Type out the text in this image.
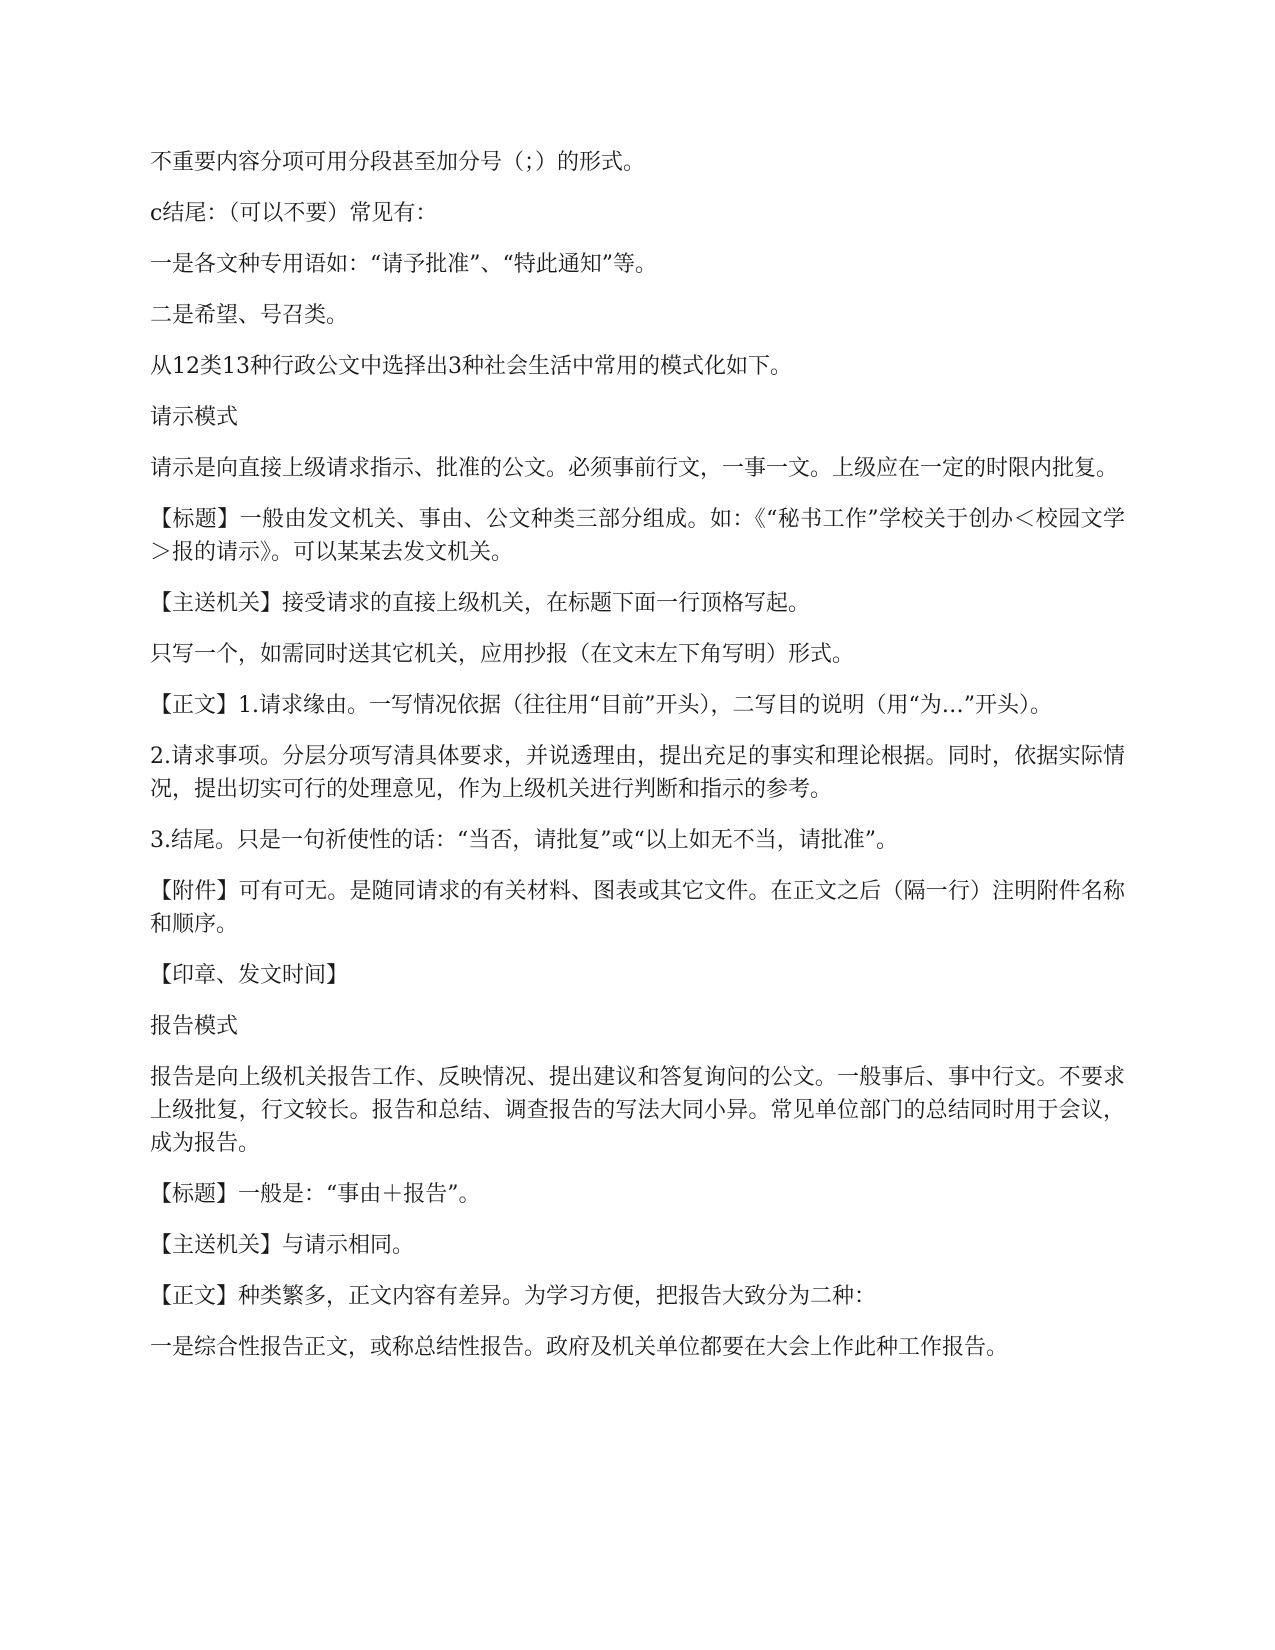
不重要内容分项可用分段甚至加分号（；）的形式。

c结尾：（可以不要）常见有：

一是各文种专用语如：“请予批准”、“特此通知”等。

二是希望、号召类。

从12类13种行政公文中选择出3种社会生活中常用的模式化如下。

请示模式

请示是向直接上级请求指示、批准的公文。必须事前行文，一事一文。上级应在一定的时限内批复。

【标题】一般由发文机关、事由、公文种类三部分组成。如：《“秘书工作”学校关于创办＜校园文学＞报的请示》。可以某某去发文机关。

【主送机关】接受请求的直接上级机关，在标题下面一行顶格写起。

只写一个，如需同时送其它机关，应用抄报（在文末左下角写明）形式。

【正文】1.请求缘由。一写情况依据（往往用“目前”开头），二写目的说明（用“为…”开头）。

2.请求事项。分层分项写清具体要求，并说透理由，提出充足的事实和理论根据。同时，依据实际情况，提出切实可行的处理意见，作为上级机关进行判断和指示的参考。

3.结尾。只是一句祈使性的话：“当否，请批复”或“以上如无不当，请批准”。

【附件】可有可无。是随同请求的有关材料、图表或其它文件。在正文之后（隔一行）注明附件名称和顺序。

【印章、发文时间】

报告模式

报告是向上级机关报告工作、反映情况、提出建议和答复询问的公文。一般事后、事中行文。不要求上级批复，行文较长。报告和总结、调查报告的写法大同小异。常见单位部门的总结同时用于会议，成为报告。

【标题】一般是：“事由＋报告”。

【主送机关】与请示相同。

【正文】种类繁多，正文内容有差异。为学习方便，把报告大致分为二种：

一是综合性报告正文，或称总结性报告。政府及机关单位都要在大会上作此种工作报告。
